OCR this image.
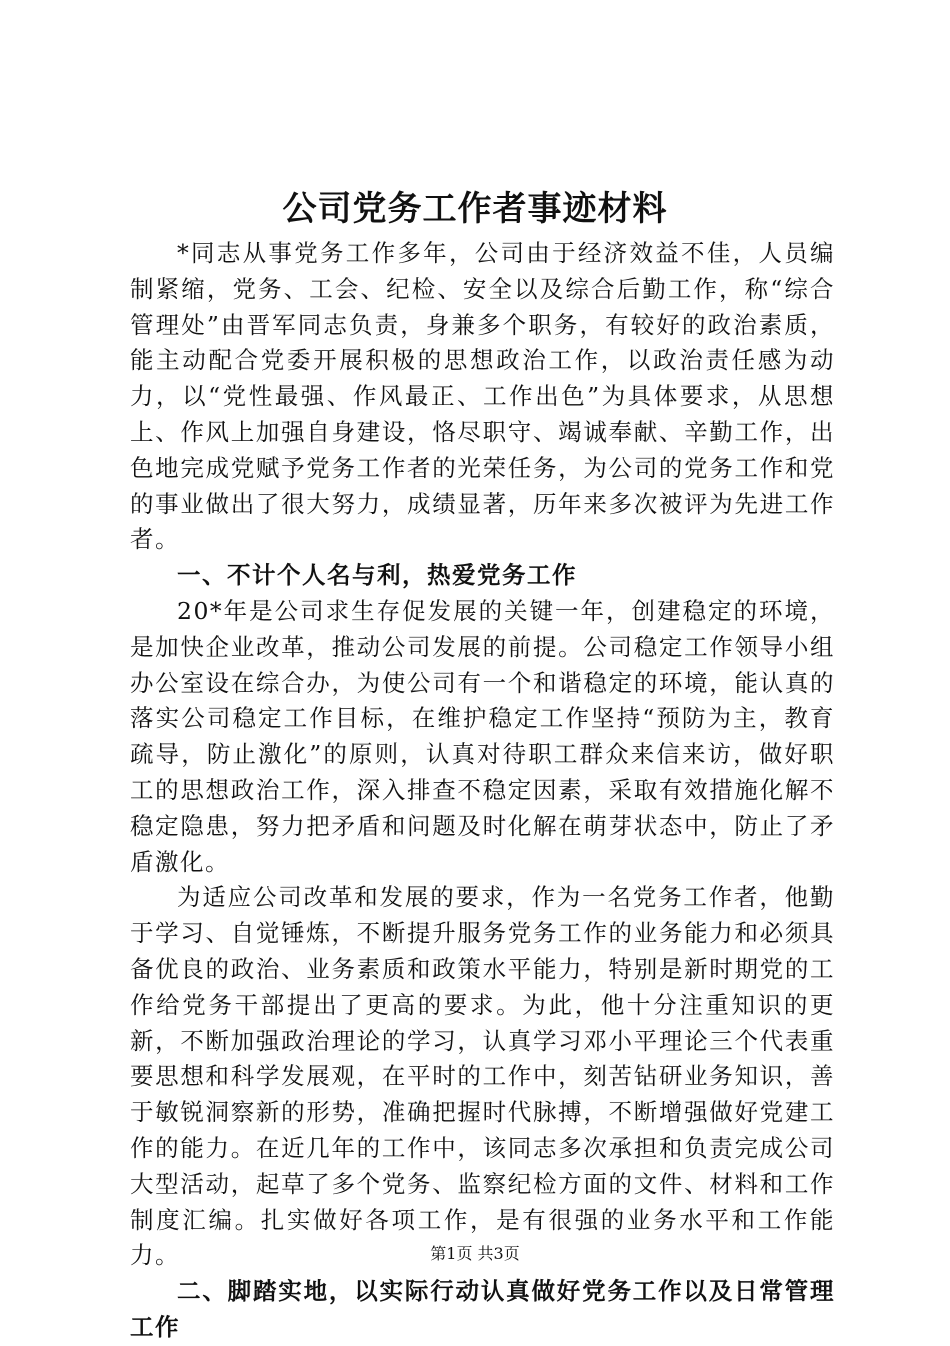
公司党务工作者事迹材料

*同志从事党务工作多年，公司由于经济效益不佳，人员编制紧缩，党务、工会、纪检、安全以及综合后勤工作，称“综合管理处”由晋军同志负责，身兼多个职务，有较好的政治素质，能主动配合党委开展积极的思想政治工作，以政治责任感为动力，以“党性最强、作风最正、工作出色”为具体要求，从思想上、作风上加强自身建设，恪尽职守、竭诚奉献、辛勤工作，出色地完成党赋予党务工作者的光荣任务，为公司的党务工作和党的事业做出了很大努力，成绩显著，历年来多次被评为先进工作者。

一、不计个人名与利，热爱党务工作

20*年是公司求生存促发展的关键一年，创建稳定的环境，是加快企业改革，推动公司发展的前提。公司稳定工作领导小组办公室设在综合办，为使公司有一个和谐稳定的环境，能认真的落实公司稳定工作目标，在维护稳定工作坚持“预防为主，教育疏导，防止激化”的原则，认真对待职工群众来信来访，做好职工的思想政治工作，深入排查不稳定因素，采取有效措施化解不稳定隐患，努力把矛盾和问题及时化解在萌芽状态中，防止了矛盾激化。

为适应公司改革和发展的要求，作为一名党务工作者，他勤于学习、自觉锤炼，不断提升服务党务工作的业务能力和必须具备优良的政治、业务素质和政策水平能力，特别是新时期党的工作给党务干部提出了更高的要求。为此，他十分注重知识的更新，不断加强政治理论的学习，认真学习邓小平理论三个代表重要思想和科学发展观，在平时的工作中，刻苦钻研业务知识，善于敏锐洞察新的形势，准确把握时代脉搏，不断增强做好党建工作的能力。在近几年的工作中，该同志多次承担和负责完成公司大型活动，起草了多个党务、监察纪检方面的文件、材料和工作制度汇编。扎实做好各项工作，是有很强的业务水平和工作能力。

二、脚踏实地，以实际行动认真做好党务工作以及日常管理工作

第1页 共3页
